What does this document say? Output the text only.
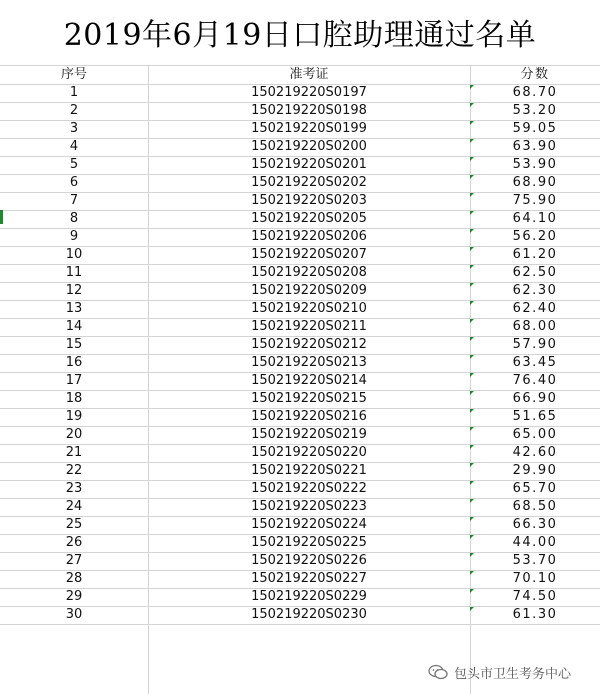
2019年6月19日口腔助理通过名单
序号	准考证	分数
1	150219220S0197	68.70
2	150219220S0198	53.20
3	150219220S0199	59.05
4	150219220S0200	63.90
5	150219220S0201	53.90
6	150219220S0202	68.90
7	150219220S0203	75.90
8	150219220S0205	64.10
9	150219220S0206	56.20
10	150219220S0207	61.20
11	150219220S0208	62.50
12	150219220S0209	62.30
13	150219220S0210	62.40
14	150219220S0211	68.00
15	150219220S0212	57.90
16	150219220S0213	63.45
17	150219220S0214	76.40
18	150219220S0215	66.90
19	150219220S0216	51.65
20	150219220S0219	65.00
21	150219220S0220	42.60
22	150219220S0221	29.90
23	150219220S0222	65.70
24	150219220S0223	68.50
25	150219220S0224	66.30
26	150219220S0225	44.00
27	150219220S0226	53.70
28	150219220S0227	70.10
29	150219220S0229	74.50
30	150219220S0230	61.30
包头市卫生考务中心
